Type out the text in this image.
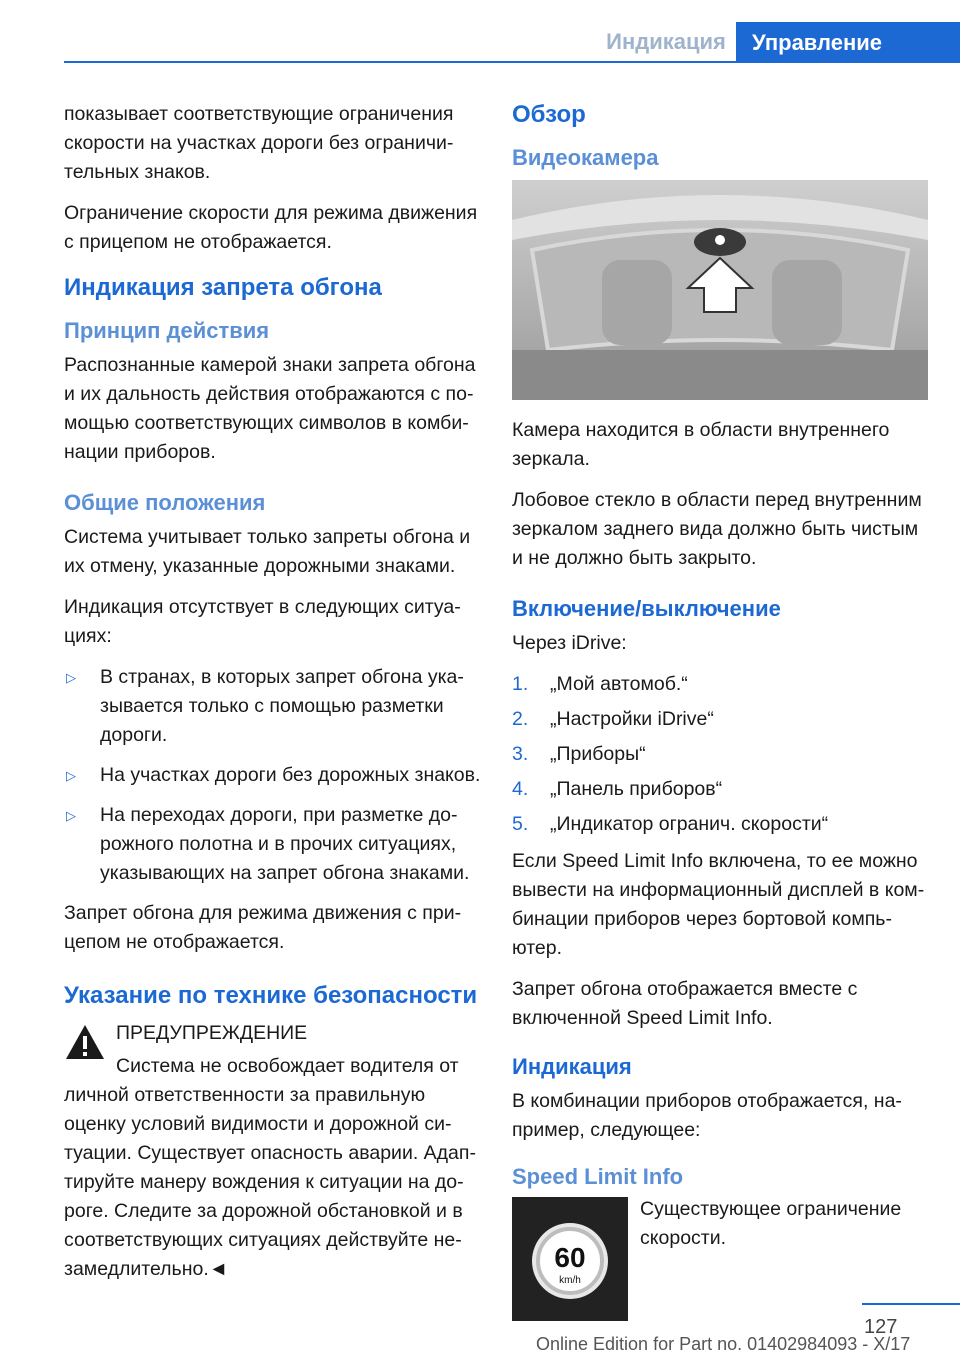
Индикация	Управление

показывает соответствующие ограничения скорости на участках дороги без ограничительных знаков.

Ограничение скорости для режима движения с прицепом не отображается.

Индикация запрета обгона
Принцип действия

Распознанные камерой знаки запрета обгона и их дальность действия отображаются с помощью соответствующих символов в комбинации приборов.

Общие положения

Система учитывает только запреты обгона и их отмену, указанные дорожными знаками.

Индикация отсутствует в следующих ситуациях:

▷ В странах, в которых запрет обгона указывается только с помощью разметки дороги.
▷ На участках дороги без дорожных знаков.
▷ На переходах дороги, при разметке дорожного полотна и в прочих ситуациях, указывающих на запрет обгона знаками.

Запрет обгона для режима движения с прицепом не отображается.

Указание по технике безопасности

ПРЕДУПРЕЖДЕНИЕ

Система не освобождает водителя от личной ответственности за правильную оценку условий видимости и дорожной ситуации. Существует опасность аварии. Адаптируйте манеру вождения к ситуации на дороге. Следите за дорожной обстановкой и в соответствующих ситуациях действуйте незамедлительно.◄

Обзор
Видеокамера

Камера находится в области внутреннего зеркала.

Лобовое стекло в области перед внутренним зеркалом заднего вида должно быть чистым и не должно быть закрыто.

Включение/выключение

Через iDrive:

1. „Мой автомоб.“
2. „Настройки iDrive“
3. „Приборы“
4. „Панель приборов“
5. „Индикатор огранич. скорости“

Если Speed Limit Info включена, то ее можно вывести на информационный дисплей в комбинации приборов через бортовой компьютер.

Запрет обгона отображается вместе с включенной Speed Limit Info.

Индикация

В комбинации приборов отображается, например, следующее:

Speed Limit Info
60
km/h

Существующее ограничение скорости.

127
Online Edition for Part no. 01402984093 - X/17
